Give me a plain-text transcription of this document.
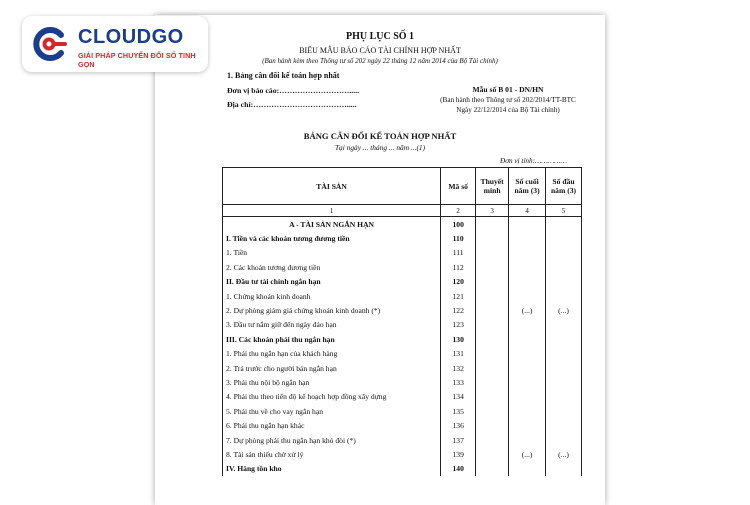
PHỤ LỤC SỐ 1
BIỂU MẪU BÁO CÁO TÀI CHÍNH HỢP NHẤT
(Ban hành kèm theo Thông tư số 202 ngày 22 tháng 12 năm 2014 của Bộ Tài chính)
1. Bảng cân đối kế toán hợp nhất
Đơn vị báo cáo:……………………….....
Địa chỉ:……………………………….....
Mẫu số B 01 - DN/HN
(Ban hành theo Thông tư số 202/2014/TT-BTC
Ngày 22/12/2014 của Bộ Tài chính)
BẢNG CÂN ĐỐI KẾ TOÁN HỢP NHẤT
Tại ngày ... tháng ... năm ...(1)
Đơn vị tính:……………
TÀI SẢN	Mã số	Thuyết minh	Số cuối năm (3)	Số đầu năm (3)
1	2	3	4	5
A - TÀI SẢN NGẮN HẠN	100			
I. Tiền và các khoản tương đương tiền	110			
1. Tiền	111			
2. Các khoản tương đương tiền	112			
II. Đầu tư tài chính ngắn hạn	120			
1. Chứng khoán kinh doanh	121			
2. Dự phòng giảm giá chứng khoán kinh doanh (*)	122		(...)	(...)
3. Đầu tư nắm giữ đến ngày đáo hạn	123			
III. Các khoản phải thu ngắn hạn	130			
1. Phải thu ngắn hạn của khách hàng	131			
2. Trả trước cho người bán ngắn hạn	132			
3. Phải thu nội bộ ngắn hạn	133			
4. Phải thu theo tiến độ kế hoạch hợp đồng xây dựng	134			
5. Phải thu về cho vay ngắn hạn	135			
6. Phải thu ngắn hạn khác	136			
7. Dự phòng phải thu ngắn hạn khó đòi (*)	137			
8. Tài sản thiếu chờ xử lý	139		(...)	(...)
IV. Hàng tồn kho	140			
CLOUDGO
GIẢI PHÁP CHUYỂN ĐỔI SỐ TINH GỌN
